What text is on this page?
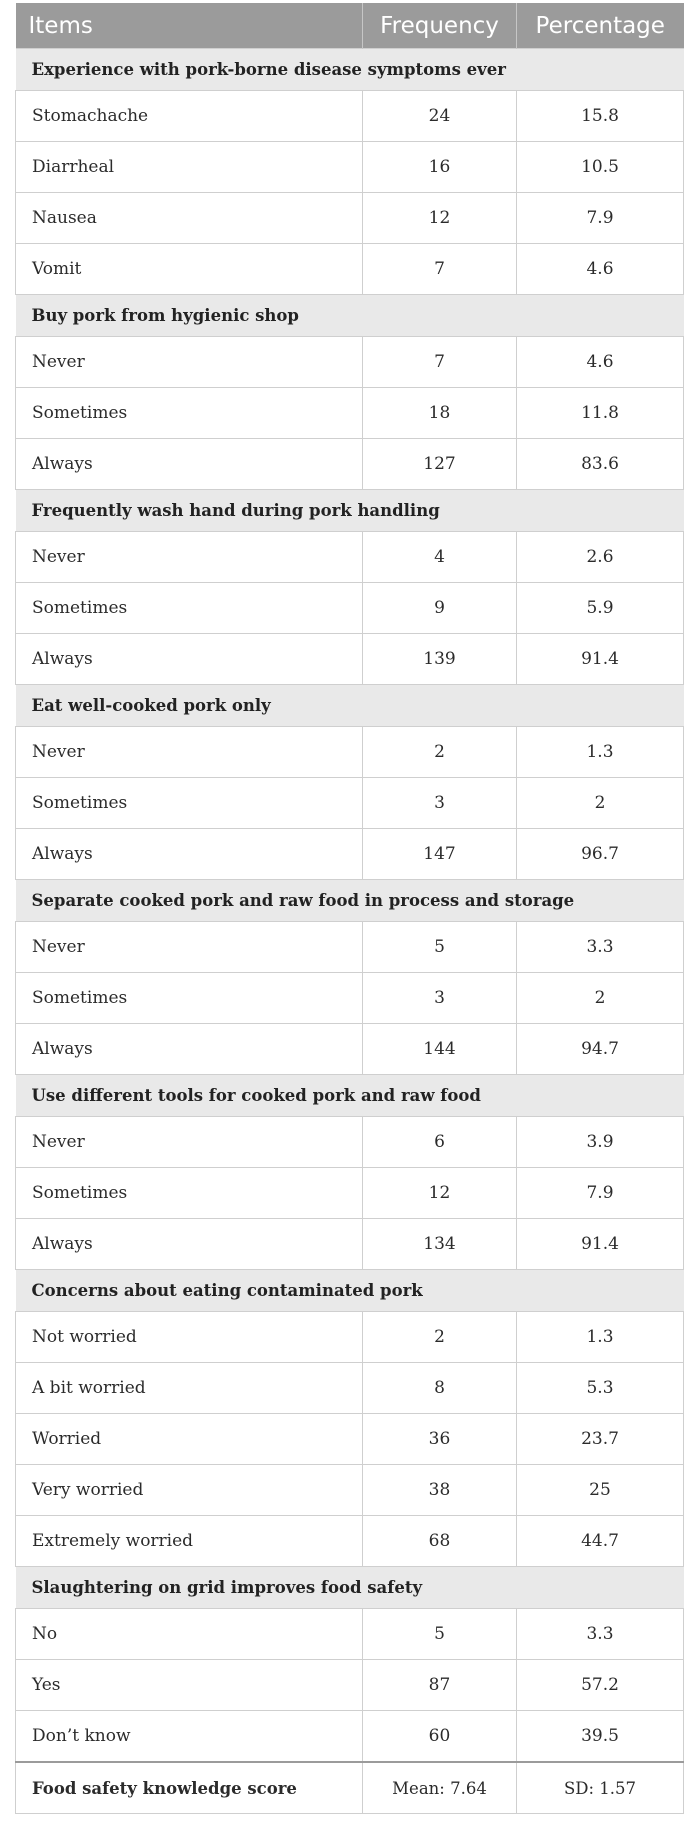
Items	Frequency	Percentage
Experience with pork-borne disease symptoms ever		
Stomachache	24	15.8
Diarrheal	16	10.5
Nausea	12	7.9
Vomit	7	4.6
Buy pork from hygienic shop		
Never	7	4.6
Sometimes	18	11.8
Always	127	83.6
Frequently wash hand during pork handling		
Never	4	2.6
Sometimes	9	5.9
Always	139	91.4
Eat well-cooked pork only		
Never	2	1.3
Sometimes	3	2
Always	147	96.7
Separate cooked pork and raw food in process and storage		
Never	5	3.3
Sometimes	3	2
Always	144	94.7
Use different tools for cooked pork and raw food		
Never	6	3.9
Sometimes	12	7.9
Always	134	91.4
Concerns about eating contaminated pork		
Not worried	2	1.3
A bit worried	8	5.3
Worried	36	23.7
Very worried	38	25
Extremely worried	68	44.7
Slaughtering on grid improves food safety		
No	5	3.3
Yes	87	57.2
Don’t know	60	39.5
Food safety knowledge score	Mean: 7.64	SD: 1.57
